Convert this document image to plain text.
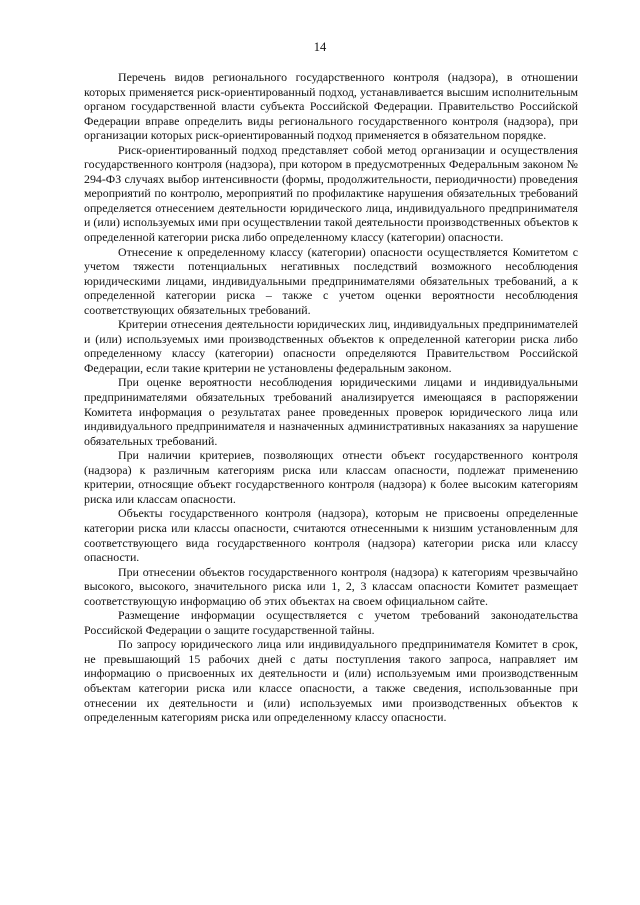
14

Перечень видов регионального государственного контроля (надзора), в отношении которых применяется риск-ориентированный подход, устанавливается высшим исполнительным органом государственной власти субъекта Российской Федерации. Правительство Российской Федерации вправе определить виды регионального государственного контроля (надзора), при организации которых риск-ориентированный подход применяется в обязательном порядке.

Риск-ориентированный подход представляет собой метод организации и осуществления государственного контроля (надзора), при котором в предусмотренных Федеральным законом № 294-ФЗ случаях выбор интенсивности (формы, продолжительности, периодичности) проведения мероприятий по контролю, мероприятий по профилактике нарушения обязательных требований определяется отнесением деятельности юридического лица, индивидуального предпринимателя и (или) используемых ими при осуществлении такой деятельности производственных объектов к определенной категории риска либо определенному классу (категории) опасности.

Отнесение к определенному классу (категории) опасности осуществляется Комитетом с учетом тяжести потенциальных негативных последствий возможного несоблюдения юридическими лицами, индивидуальными предпринимателями обязательных требований, а к определенной категории риска – также с учетом оценки вероятности несоблюдения соответствующих обязательных требований.

Критерии отнесения деятельности юридических лиц, индивидуальных предпринимателей и (или) используемых ими производственных объектов к определенной категории риска либо определенному классу (категории) опасности определяются Правительством Российской Федерации, если такие критерии не установлены федеральным законом.

При оценке вероятности несоблюдения юридическими лицами и индивидуальными предпринимателями обязательных требований анализируется имеющаяся в распоряжении Комитета информация о результатах ранее проведенных проверок юридического лица или индивидуального предпринимателя и назначенных административных наказаниях за нарушение обязательных требований.

При наличии критериев, позволяющих отнести объект государственного контроля (надзора) к различным категориям риска или классам опасности, подлежат применению критерии, относящие объект государственного контроля (надзора) к более высоким категориям риска или классам опасности.

Объекты государственного контроля (надзора), которым не присвоены определенные категории риска или классы опасности, считаются отнесенными к низшим установленным для соответствующего вида государственного контроля (надзора) категории риска или классу опасности.

При отнесении объектов государственного контроля (надзора) к категориям чрезвычайно высокого, высокого, значительного риска или 1, 2, 3 классам опасности Комитет размещает соответствующую информацию об этих объектах на своем официальном сайте.

Размещение информации осуществляется с учетом требований законодательства Российской Федерации о защите государственной тайны.

По запросу юридического лица или индивидуального предпринимателя Комитет в срок, не превышающий 15 рабочих дней с даты поступления такого запроса, направляет им информацию о присвоенных их деятельности и (или) используемым ими производственным объектам категории риска или классе опасности, а также сведения, использованные при отнесении их деятельности и (или) используемых ими производственных объектов к определенным категориям риска или определенному классу опасности.
